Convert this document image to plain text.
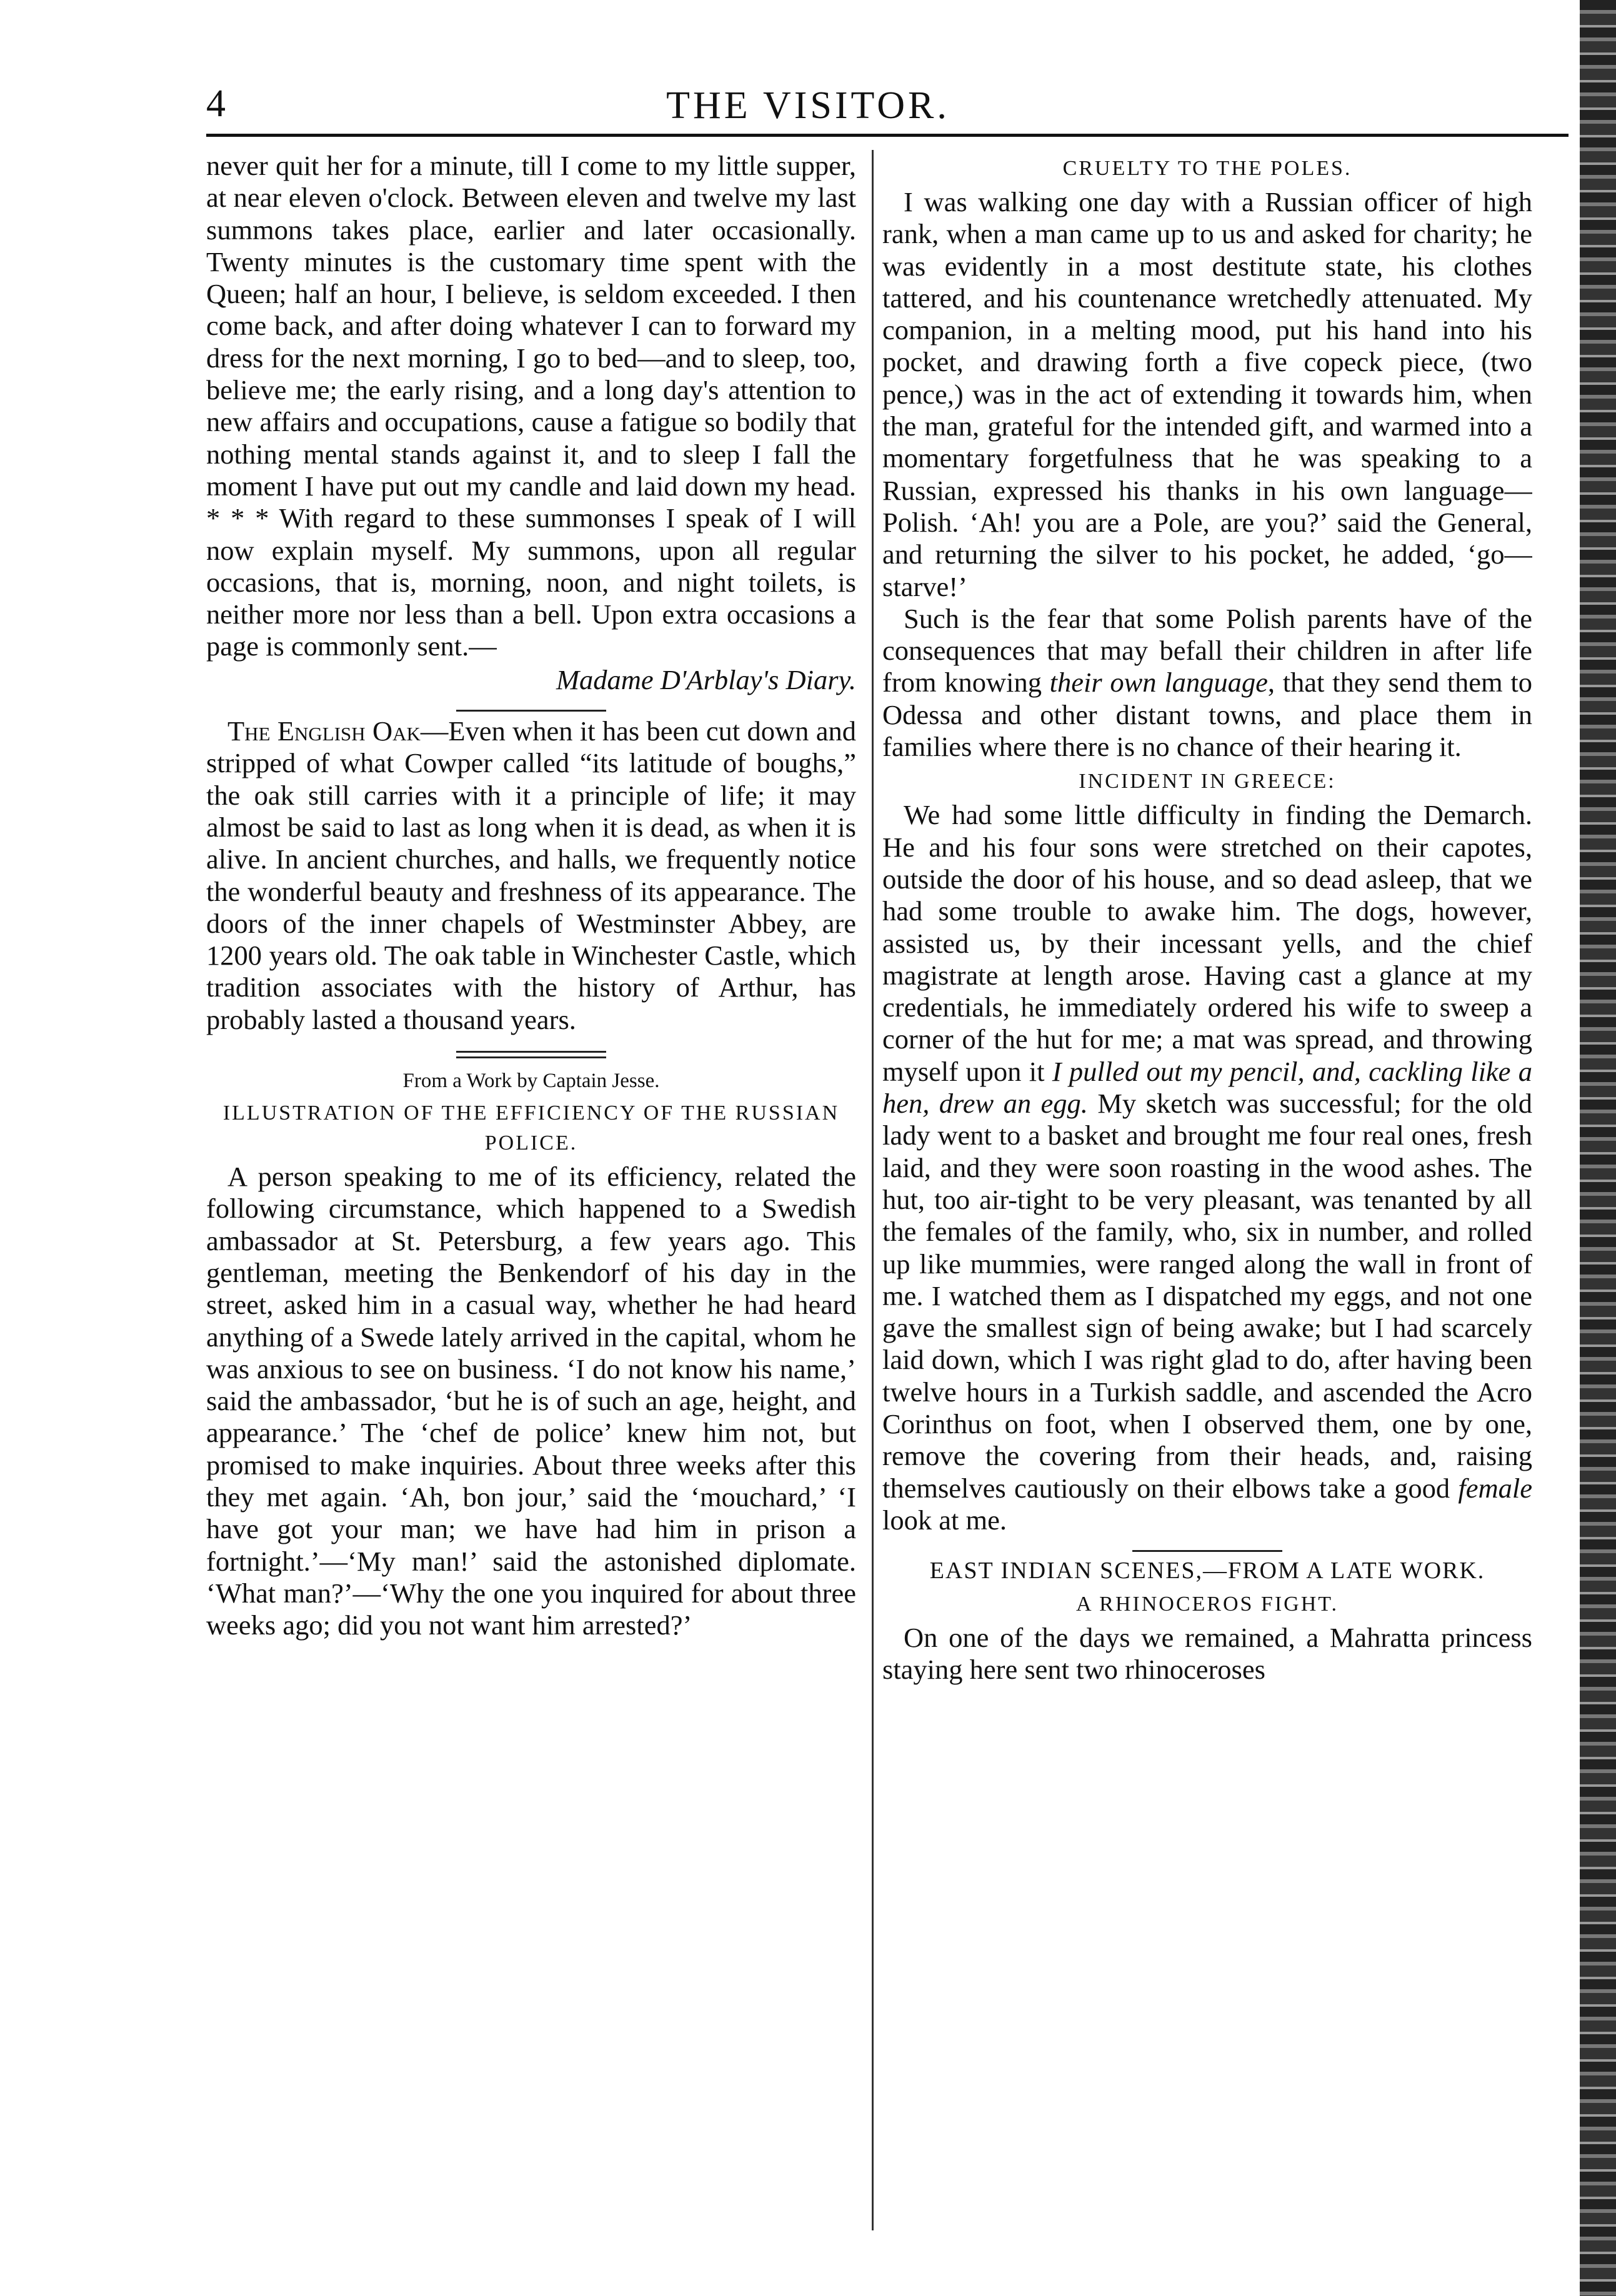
4	THE VISITOR.

never quit her for a minute, till I come to my little supper, at near eleven o'clock. Between eleven and twelve my last summons takes place, earlier and later occasionally. Twenty minutes is the customary time spent with the Queen; half an hour, I believe, is seldom exceeded. I then come back, and after doing whatever I can to forward my dress for the next morning, I go to bed—and to sleep, too, believe me; the early rising, and a long day's attention to new affairs and occupations, cause a fatigue so bodily that nothing mental stands against it, and to sleep I fall the moment I have put out my candle and laid down my head. * * * With regard to these summonses I speak of I will now explain myself. My summons, upon all regular occasions, that is, morning, noon, and night toilets, is neither more nor less than a bell. Upon extra occasions a page is commonly sent.—
Madame D'Arblay's Diary.

The English Oak—Even when it has been cut down and stripped of what Cowper called “its latitude of boughs,” the oak still carries with it a principle of life; it may almost be said to last as long when it is dead, as when it is alive. In ancient churches, and halls, we frequently notice the wonderful beauty and freshness of its appearance. The doors of the inner chapels of Westminster Abbey, are 1200 years old. The oak table in Winchester Castle, which tradition associates with the history of Arthur, has probably lasted a thousand years.

From a Work by Captain Jesse.
ILLUSTRATION OF THE EFFICIENCY OF THE RUSSIAN POLICE.

A person speaking to me of its efficiency, related the following circumstance, which happened to a Swedish ambassador at St. Petersburg, a few years ago. This gentleman, meeting the Benkendorf of his day in the street, asked him in a casual way, whether he had heard anything of a Swede lately arrived in the capital, whom he was anxious to see on business. ‘I do not know his name,’ said the ambassador, ‘but he is of such an age, height, and appearance.’ The ‘chef de police’ knew him not, but promised to make inquiries. About three weeks after this they met again. ‘Ah, bon jour,’ said the ‘mouchard,’ ‘I have got your man; we have had him in prison a fortnight.’—‘My man!’ said the astonished diplomate. ‘What man?’—‘Why the one you inquired for about three weeks ago; did you not want him arrested?’

CRUELTY TO THE POLES.

I was walking one day with a Russian officer of high rank, when a man came up to us and asked for charity; he was evidently in a most destitute state, his clothes tattered, and his countenance wretchedly attenuated. My companion, in a melting mood, put his hand into his pocket, and drawing forth a five copeck piece, (two pence,) was in the act of extending it towards him, when the man, grateful for the intended gift, and warmed into a momentary forgetfulness that he was speaking to a Russian, expressed his thanks in his own language—Polish. ‘Ah! you are a Pole, are you?’ said the General, and returning the silver to his pocket, he added, ‘go—starve!’

Such is the fear that some Polish parents have of the consequences that may befall their children in after life from knowing their own language, that they send them to Odessa and other distant towns, and place them in families where there is no chance of their hearing it.

INCIDENT IN GREECE:

We had some little difficulty in finding the Demarch. He and his four sons were stretched on their capotes, outside the door of his house, and so dead asleep, that we had some trouble to awake him. The dogs, however, assisted us, by their incessant yells, and the chief magistrate at length arose. Having cast a glance at my credentials, he immediately ordered his wife to sweep a corner of the hut for me; a mat was spread, and throwing myself upon it I pulled out my pencil, and, cackling like a hen, drew an egg. My sketch was successful; for the old lady went to a basket and brought me four real ones, fresh laid, and they were soon roasting in the wood ashes. The hut, too air-tight to be very pleasant, was tenanted by all the females of the family, who, six in number, and rolled up like mummies, were ranged along the wall in front of me. I watched them as I dispatched my eggs, and not one gave the smallest sign of being awake; but I had scarcely laid down, which I was right glad to do, after having been twelve hours in a Turkish saddle, and ascended the Acro Corinthus on foot, when I observed them, one by one, remove the covering from their heads, and, raising themselves cautiously on their elbows take a good female look at me.

EAST INDIAN SCENES,—FROM A LATE WORK.
A RHINOCEROS FIGHT.

On one of the days we remained, a Mahratta princess staying here sent two rhinoceroses
